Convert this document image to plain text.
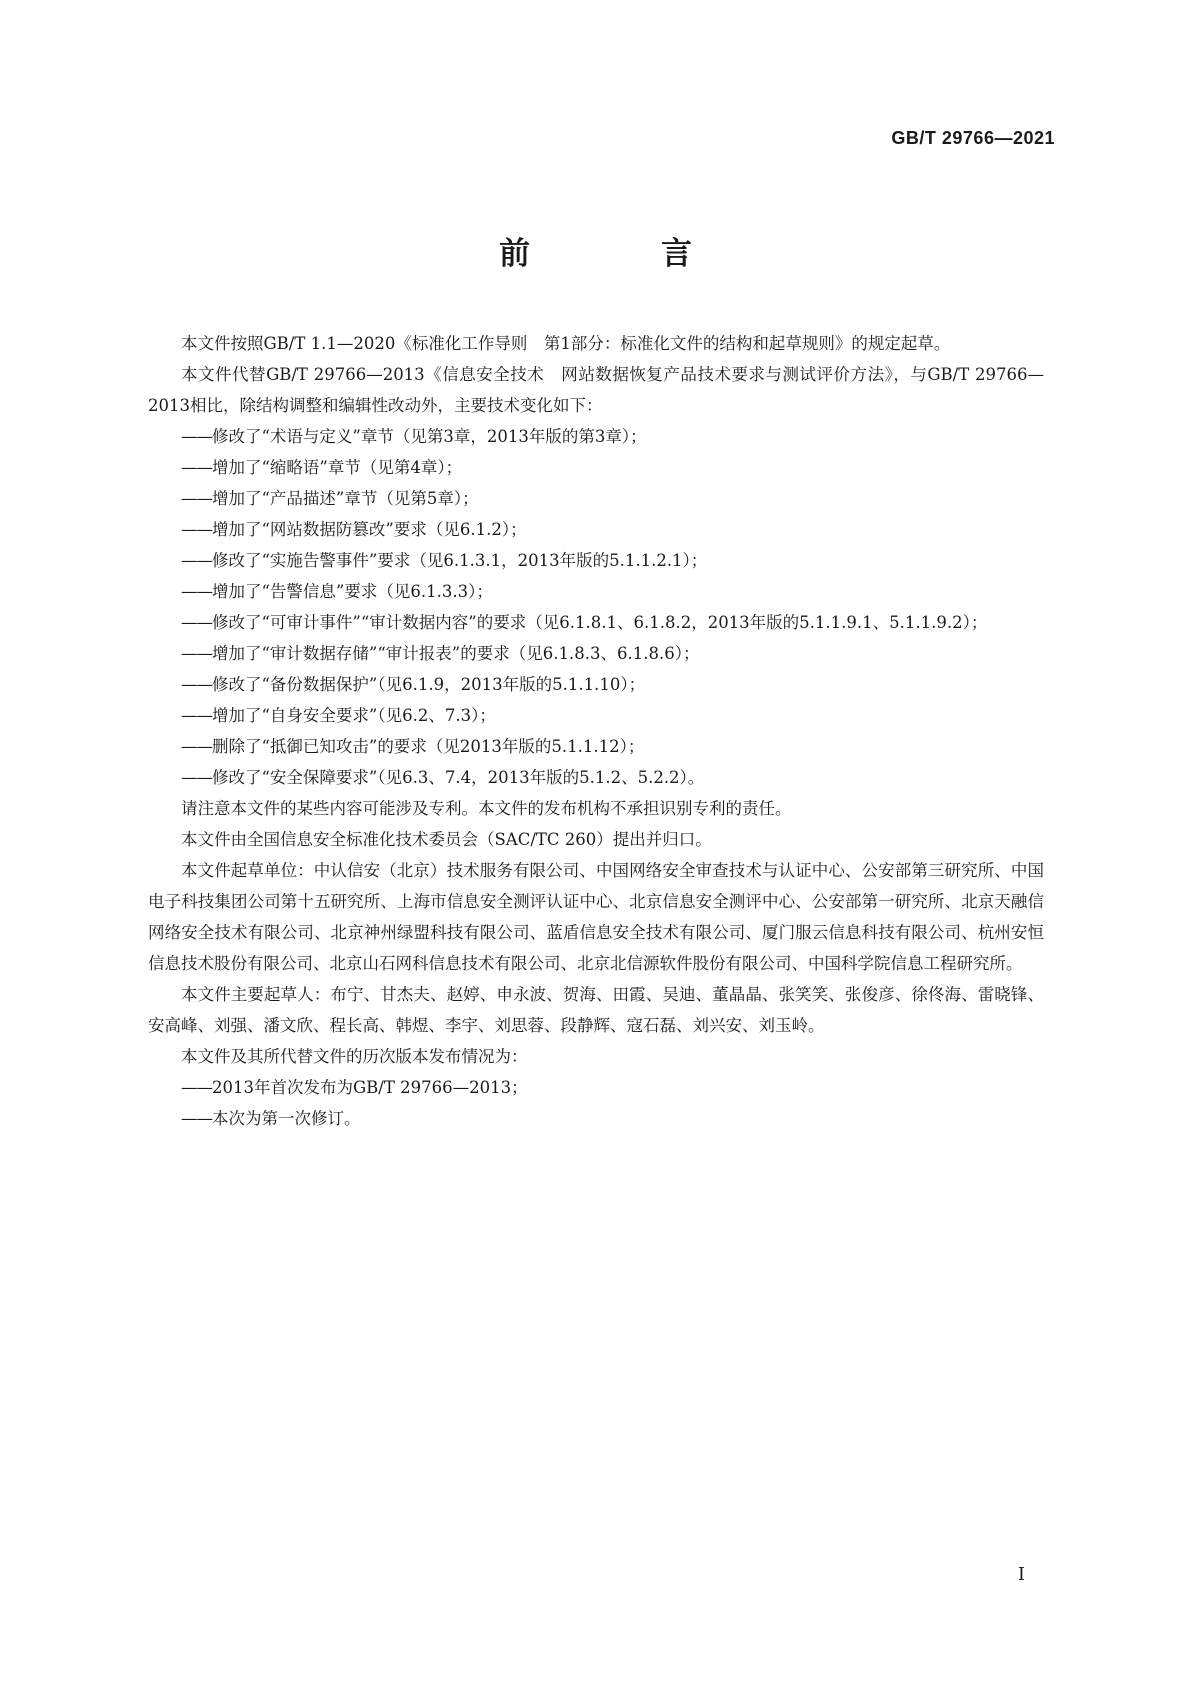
GB/T 29766—2021
前　言

本文件按照GB/T 1.1—2020《标准化工作导则　第1部分：标准化文件的结构和起草规则》的规定起草。

本文件代替GB/T 29766—2013《信息安全技术　网站数据恢复产品技术要求与测试评价方法》，与GB/T 29766—2013相比，除结构调整和编辑性改动外，主要技术变化如下：

——修改了“术语与定义”章节（见第3章，2013年版的第3章）；
——增加了“缩略语”章节（见第4章）；
——增加了“产品描述”章节（见第5章）；
——增加了“网站数据防篡改”要求（见6.1.2）；
——修改了“实施告警事件”要求（见6.1.3.1，2013年版的5.1.1.2.1）；
——增加了“告警信息”要求（见6.1.3.3）；
——修改了“可审计事件”“审计数据内容”的要求（见6.1.8.1、6.1.8.2，2013年版的5.1.1.9.1、5.1.1.9.2）；
——增加了“审计数据存储”“审计报表”的要求（见6.1.8.3、6.1.8.6）；
——修改了“备份数据保护”（见6.1.9，2013年版的5.1.1.10）；
——增加了“自身安全要求”（见6.2、7.3）；
——删除了“抵御已知攻击”的要求（见2013年版的5.1.1.12）；
——修改了“安全保障要求”（见6.3、7.4，2013年版的5.1.2、5.2.2）。

请注意本文件的某些内容可能涉及专利。本文件的发布机构不承担识别专利的责任。

本文件由全国信息安全标准化技术委员会（SAC/TC 260）提出并归口。

本文件起草单位：中认信安（北京）技术服务有限公司、中国网络安全审查技术与认证中心、公安部第三研究所、中国电子科技集团公司第十五研究所、上海市信息安全测评认证中心、北京信息安全测评中心、公安部第一研究所、北京天融信网络安全技术有限公司、北京神州绿盟科技有限公司、蓝盾信息安全技术有限公司、厦门服云信息科技有限公司、杭州安恒信息技术股份有限公司、北京山石网科信息技术有限公司、北京北信源软件股份有限公司、中国科学院信息工程研究所。

本文件主要起草人：布宁、甘杰夫、赵婷、申永波、贺海、田霞、吴迪、董晶晶、张笑笑、张俊彦、徐佟海、雷晓锋、安高峰、刘强、潘文欣、程长高、韩煜、李宇、刘思蓉、段静辉、寇石磊、刘兴安、刘玉岭。

本文件及其所代替文件的历次版本发布情况为：

——2013年首次发布为GB/T 29766—2013；
——本次为第一次修订。
I
